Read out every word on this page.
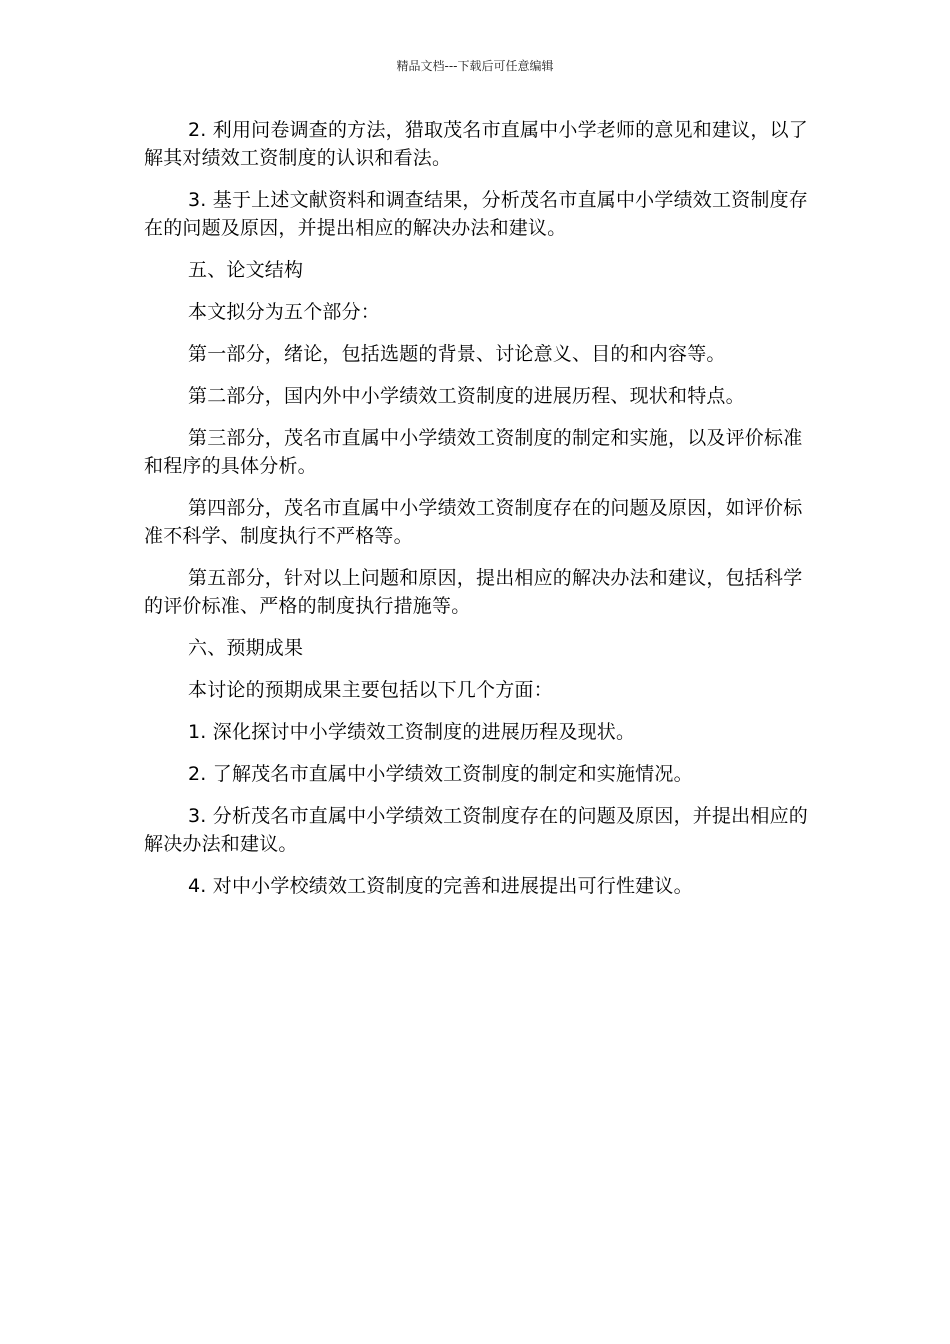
精品文档---下载后可任意编辑

2. 利用问卷调查的方法，猎取茂名市直属中小学老师的意见和建议，以了解其对绩效工资制度的认识和看法。

3. 基于上述文献资料和调查结果，分析茂名市直属中小学绩效工资制度存在的问题及原因，并提出相应的解决办法和建议。

五、论文结构

本文拟分为五个部分：

第一部分，绪论，包括选题的背景、讨论意义、目的和内容等。

第二部分，国内外中小学绩效工资制度的进展历程、现状和特点。

第三部分，茂名市直属中小学绩效工资制度的制定和实施，以及评价标准和程序的具体分析。

第四部分，茂名市直属中小学绩效工资制度存在的问题及原因，如评价标准不科学、制度执行不严格等。

第五部分，针对以上问题和原因，提出相应的解决办法和建议，包括科学的评价标准、严格的制度执行措施等。

六、预期成果

本讨论的预期成果主要包括以下几个方面：

1. 深化探讨中小学绩效工资制度的进展历程及现状。

2. 了解茂名市直属中小学绩效工资制度的制定和实施情况。

3. 分析茂名市直属中小学绩效工资制度存在的问题及原因，并提出相应的解决办法和建议。

4. 对中小学校绩效工资制度的完善和进展提出可行性建议。
